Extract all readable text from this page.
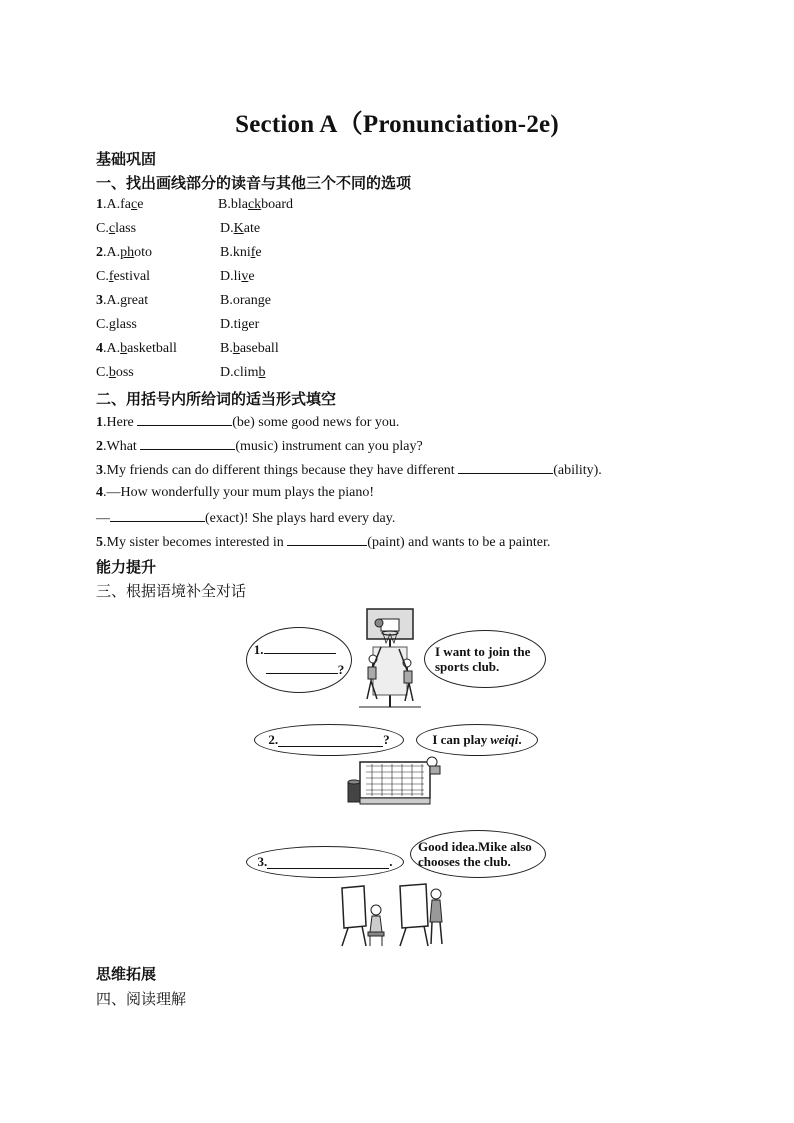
Section A（Pronunciation-2e)
基础巩固
一、找出画线部分的读音与其他三个不同的选项
1.A.face	B.blackboard
C.class	D.Kate
2.A.photo	B.knife
C.festival	D.live
3.A.great	B.orange
C.glass	D.tiger
4.A.basketball	B.baseball
C.boss	D.climb
二、用括号内所给词的适当形式填空
1.Here	(be) some good news for you.
2.What	(music) instrument can you play?
3.My friends can do different things because they have different	(ability).
4.—How wonderfully your mum plays the piano!
—	(exact)! She plays hard every day.
5.My sister becomes interested in	(paint) and wants to be a painter.
能力提升
三、根据语境补全对话
1.
?
I want to join the sports club.
2.	?	I can play weiqi .
3.	.
Good idea.Mike also chooses the club.
思维拓展
四、阅读理解
